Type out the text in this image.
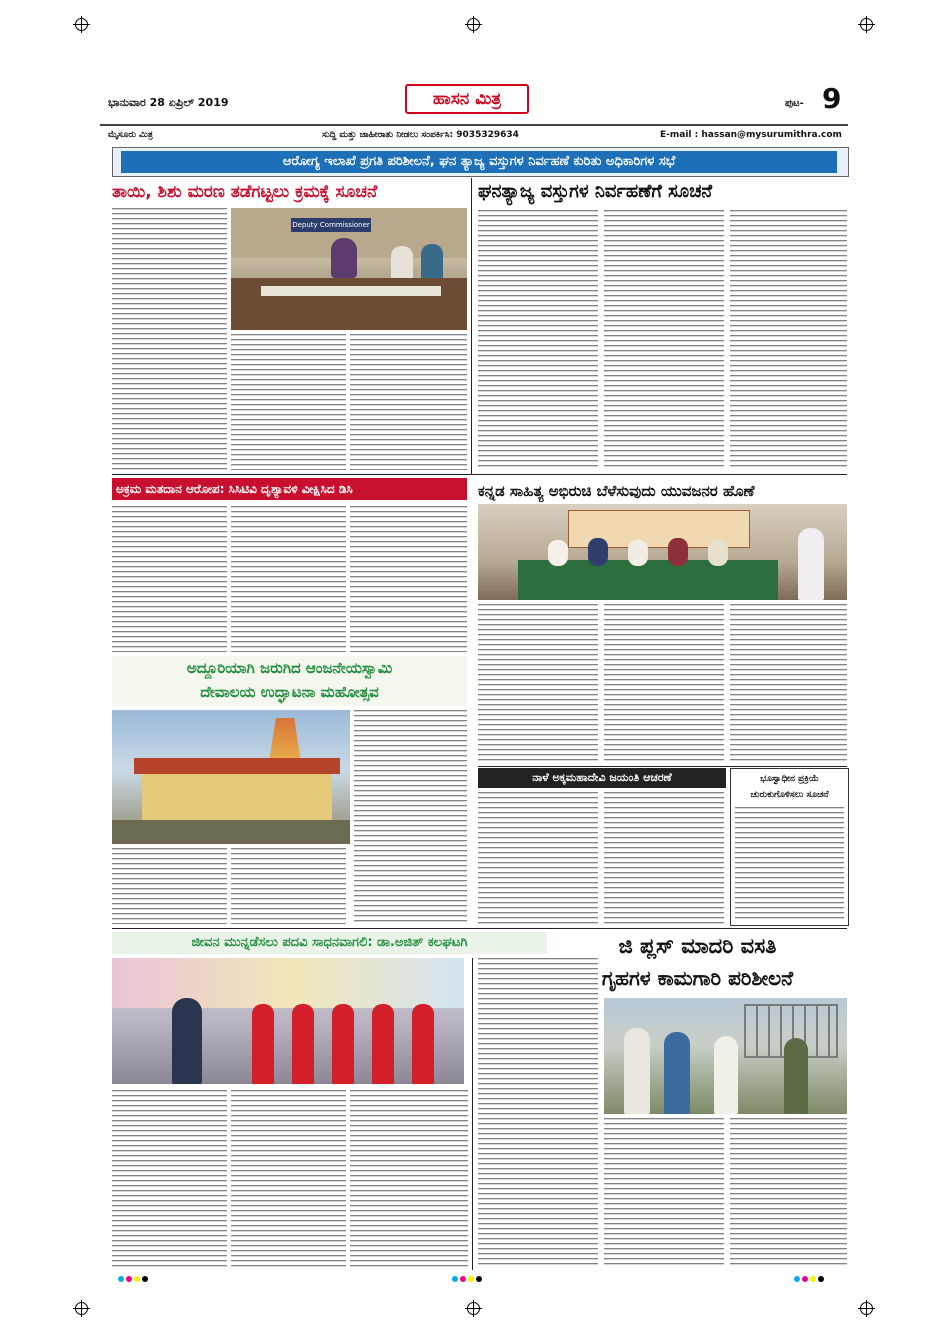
ಭಾನುವಾರ 28 ಏಪ್ರಿಲ್ 2019	ಹಾಸನ ಮಿತ್ರ	ಪುಟ- 9
ಮೈಸೂರು ಮಿತ್ರ	ಸುದ್ದಿ ಮತ್ತು ಜಾಹೀರಾತು ನೀಡಲು ಸಂಪರ್ಕಿಸಿ: 9035329634	E-mail : hassan@mysurumithra.com
ಆರೋಗ್ಯ ಇಲಾಖೆ ಪ್ರಗತಿ ಪರಿಶೀಲನೆ, ಘನ ತ್ಯಾಜ್ಯ ವಸ್ತುಗಳ ನಿರ್ವಹಣೆ ಕುರಿತು ಅಧಿಕಾರಿಗಳ ಸಭೆ
ತಾಯಿ, ಶಿಶು ಮರಣ ತಡೆಗಟ್ಟಲು ಕ್ರಮಕ್ಕೆ ಸೂಚನೆ	ಘನತ್ಯಾಜ್ಯ ವಸ್ತುಗಳ ನಿರ್ವಹಣೆಗೆ ಸೂಚನೆ
Deputy Commissioner
ಅಕ್ರಮ ಮತದಾನ ಆರೋಪ: ಸಿಸಿಟಿವಿ ದೃಶ್ಯಾವಳಿ ವೀಕ್ಷಿಸಿದ ಡಿಸಿ	ಕನ್ನಡ ಸಾಹಿತ್ಯ ಅಭಿರುಚಿ ಬೆಳೆಸುವುದು ಯುವಜನರ ಹೊಣೆ
ಅದ್ದೂರಿಯಾಗಿ ಜರುಗಿದ ಆಂಜನೇಯಸ್ವಾಮಿ
ದೇವಾಲಯ ಉದ್ಘಾಟನಾ ಮಹೋತ್ಸವ
ನಾಳೆ ಅಕ್ಕಮಹಾದೇವಿ ಜಯಂತಿ ಆಚರಣೆ	ಭೂಸ್ವಾಧೀನ ಪ್ರಕ್ರಿಯೆ
ಚುರುಕುಗೊಳಿಸಲು ಸೂಚನೆ
ಜೀವನ ಮುನ್ನಡೆಸಲು ಪದವಿ ಸಾಧನವಾಗಲಿ: ಡಾ.ಅಜಿತ್ ಕಲಘಟಗಿ	ಜಿ ಪ್ಲಸ್ ಮಾದರಿ ವಸತಿ
ಗೃಹಗಳ ಕಾಮಗಾರಿ ಪರಿಶೀಲನೆ
